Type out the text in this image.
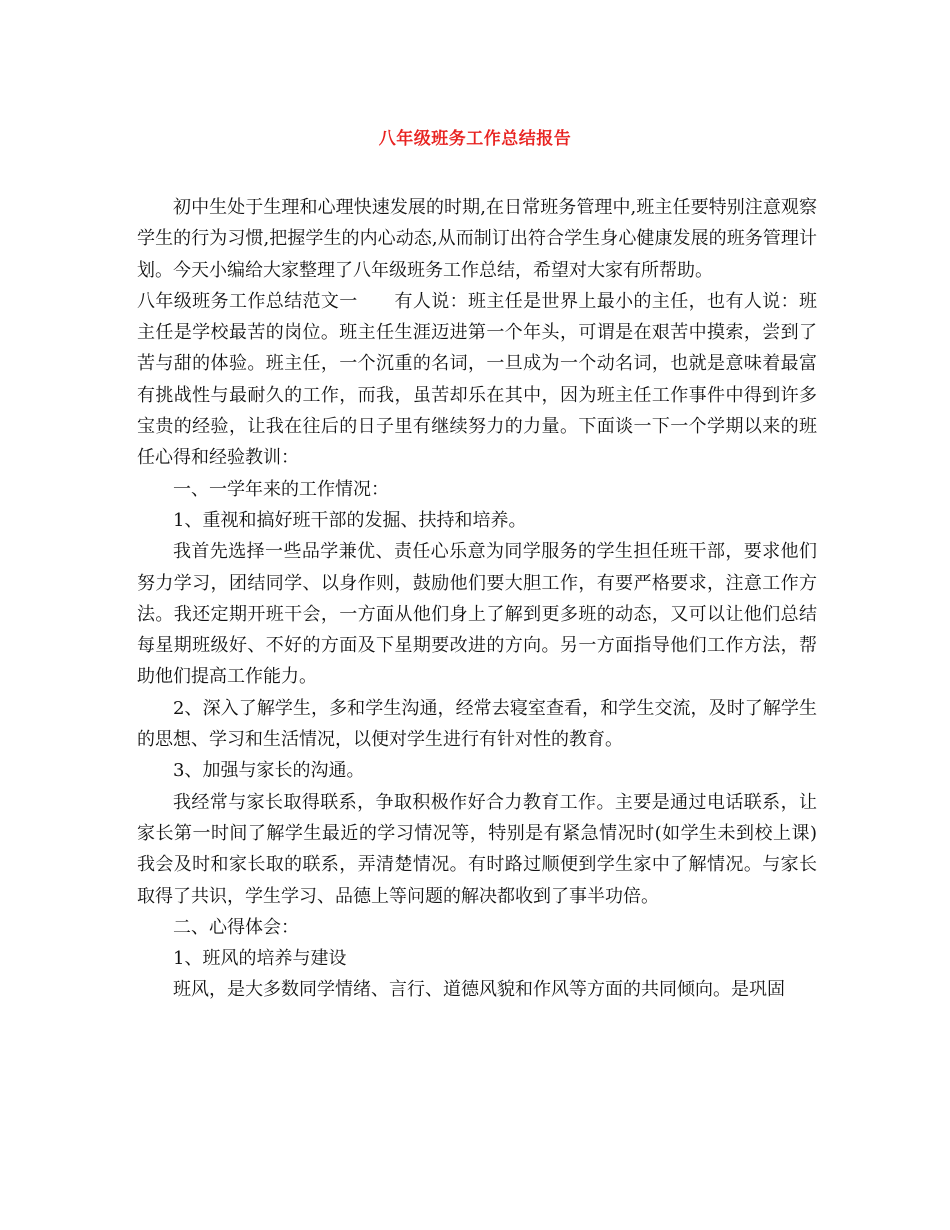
八年级班务工作总结报告

初中生处于生理和心理快速发展的时期,在日常班务管理中,班主任要特别注意观察学生的行为习惯,把握学生的内心动态,从而制订出符合学生身心健康发展的班务管理计划。今天小编给大家整理了八年级班务工作总结，希望对大家有所帮助。

八年级班务工作总结范文一　　有人说：班主任是世界上最小的主任，也有人说：班主任是学校最苦的岗位。班主任生涯迈进第一个年头，可谓是在艰苦中摸索，尝到了苦与甜的体验。班主任，一个沉重的名词，一旦成为一个动名词，也就是意味着最富有挑战性与最耐久的工作，而我，虽苦却乐在其中，因为班主任工作事件中得到许多宝贵的经验，让我在往后的日子里有继续努力的力量。下面谈一下一个学期以来的班任心得和经验教训：

一、一学年来的工作情况：

1、重视和搞好班干部的发掘、扶持和培养。

我首先选择一些品学兼优、责任心乐意为同学服务的学生担任班干部，要求他们努力学习，团结同学、以身作则，鼓励他们要大胆工作，有要严格要求，注意工作方法。我还定期开班干会，一方面从他们身上了解到更多班的动态，又可以让他们总结每星期班级好、不好的方面及下星期要改进的方向。另一方面指导他们工作方法，帮助他们提高工作能力。

2、深入了解学生，多和学生沟通，经常去寝室查看，和学生交流，及时了解学生的思想、学习和生活情况，以便对学生进行有针对性的教育。

3、加强与家长的沟通。

我经常与家长取得联系，争取积极作好合力教育工作。主要是通过电话联系，让家长第一时间了解学生最近的学习情况等，特别是有紧急情况时(如学生未到校上课)我会及时和家长取的联系，弄清楚情况。有时路过顺便到学生家中了解情况。与家长取得了共识，学生学习、品德上等问题的解决都收到了事半功倍。

二、心得体会：

1、班风的培养与建设

班风，是大多数同学情绪、言行、道德风貌和作风等方面的共同倾向。是巩固
